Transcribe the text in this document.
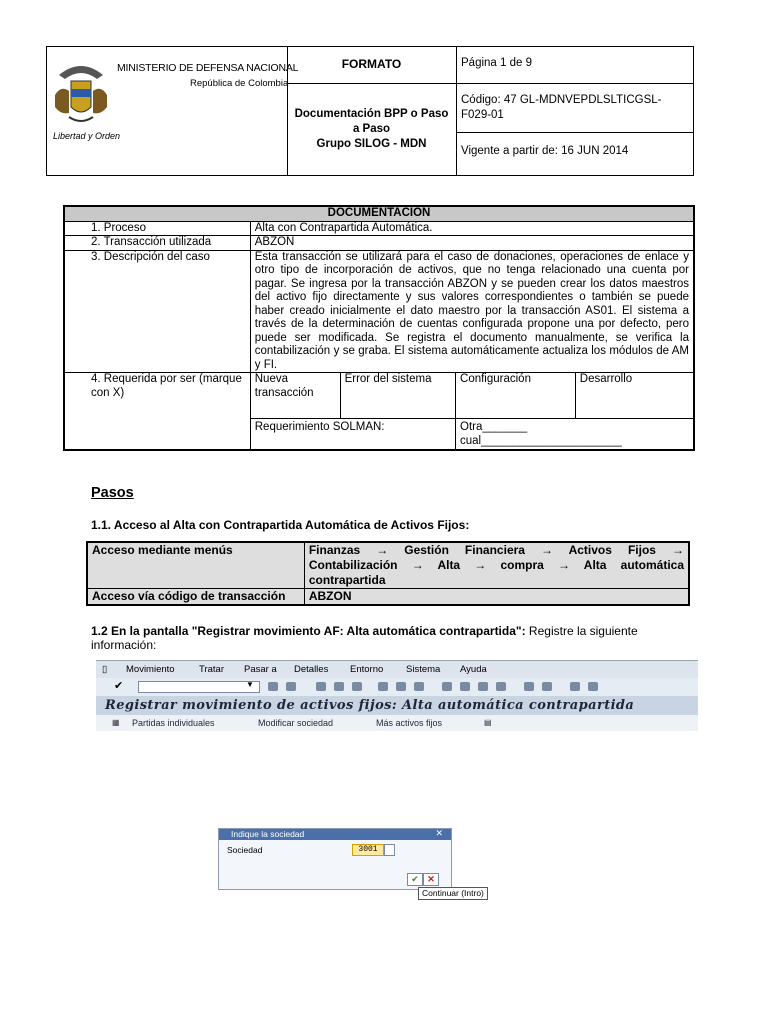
MINISTERIO DE DEFENSA NACIONAL
República de Colombia
Libertad y Orden
FORMATO
Documentación BPP o Paso
a Paso
Grupo SILOG - MDN
Página 1 de 9
Código: 47 GL-MDNVEPDLSLTICGSL-F029-01
Vigente a partir de: 16 JUN 2014
DOCUMENTACION				
1. Proceso	Alta con Contrapartida Automática.			
2. Transacción utilizada	ABZON			
3. Descripción del caso	Esta transacción se utilizará para el caso de donaciones, operaciones de enlace y otro tipo de incorporación de activos, que no tenga relacionado una cuenta por pagar. Se ingresa por la transacción ABZON y se pueden crear los datos maestros del activo fijo directamente y sus valores correspondientes o también se puede haber creado inicialmente el dato maestro por la transacción AS01. El sistema a través de la determinación de cuentas configurada propone una por defecto, pero puede ser modificada. Se registra el documento manualmente, se verifica la contabilización y se graba. El sistema automáticamente actualiza los módulos de AM y FI.			
4. Requerida por ser (marque con X)	Nueva transacción	Error del sistema	Configuración	Desarrollo
	Requerimiento SOLMAN:		Otra_______
cual______________________	
Pasos
1.1. Acceso al Alta con Contrapartida Automática de Activos Fijos:
Acceso mediante menús	Finanzas → Gestión Financiera → Activos Fijos → Contabilización → Alta → compra → Alta automática contrapartida
Acceso vía código de transacción	ABZON
1.2 En la pantalla "Registrar movimiento AF: Alta automática contrapartida": Registre la siguiente información:
▯ Movimiento	Tratar Pasar a Detalles Entorno Sistema Ayuda
✔	▼
Registrar movimiento de activos fijos: Alta automática contrapartida
▦ Partidas individuales	Modificar sociedad	Más activos fijos	▤
Indique la sociedad	✕
Sociedad	3001
✔ ✕
Continuar (Intro)
